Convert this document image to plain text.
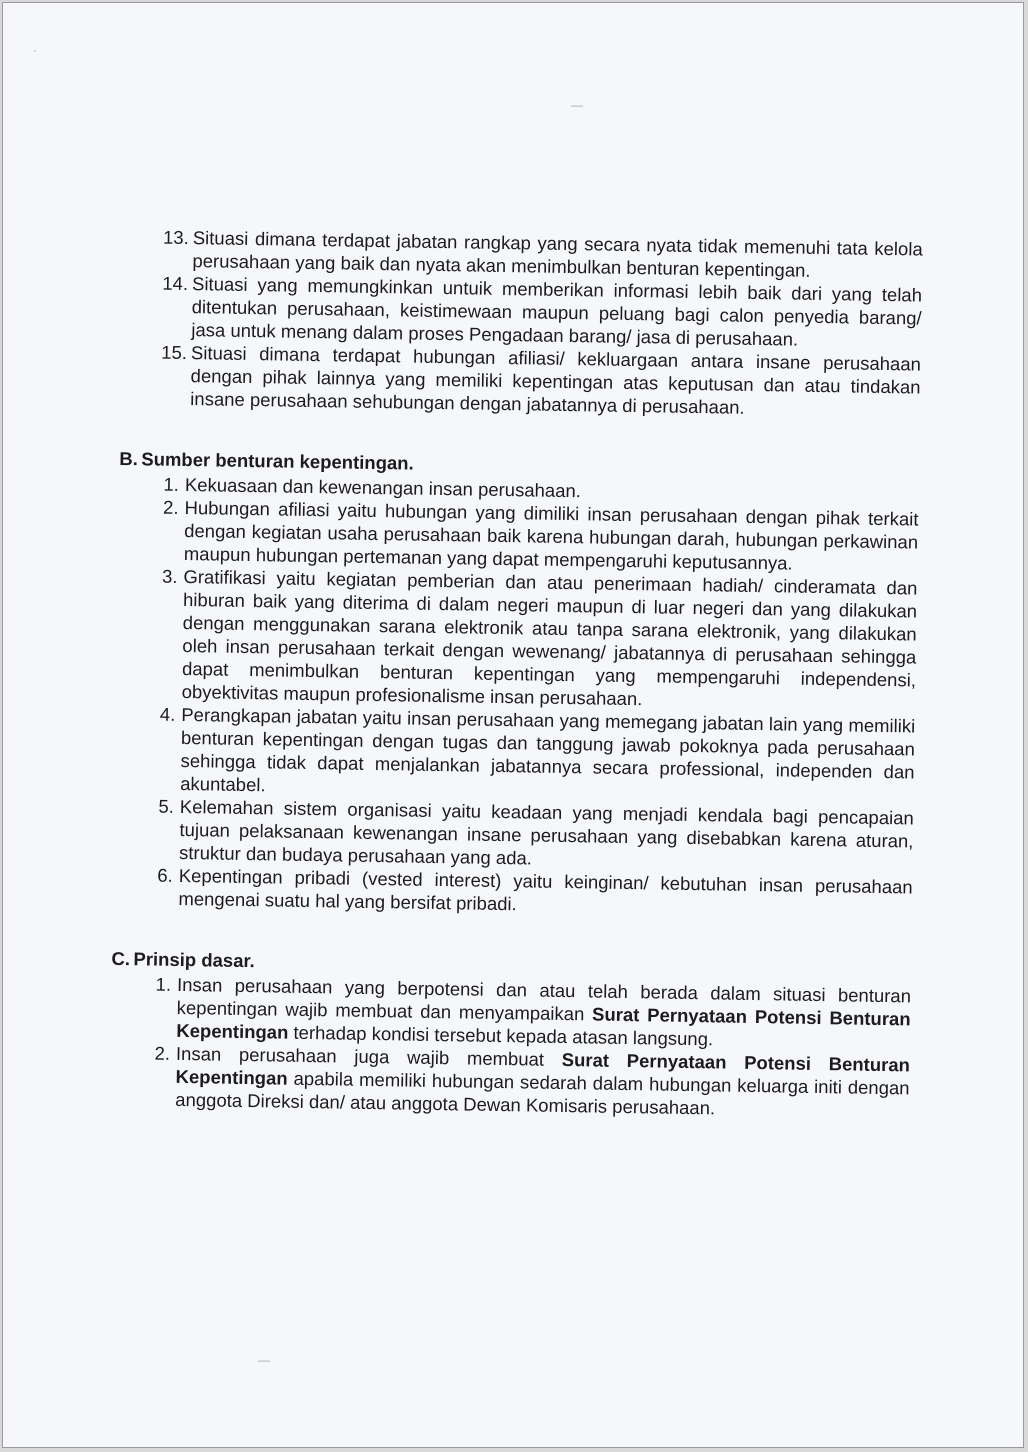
·
—
—
13. Situasi dimana terdapat jabatan rangkap yang secara nyata tidak memenuhi tata kelola perusahaan yang baik dan nyata akan menimbulkan benturan kepentingan.
14. Situasi yang memungkinkan untuik memberikan informasi lebih baik dari yang telah ditentukan perusahaan, keistimewaan maupun peluang bagi calon penyedia barang/ jasa untuk menang dalam proses Pengadaan barang/ jasa di perusahaan.
15. Situasi dimana terdapat hubungan afiliasi/ kekluargaan antara insane perusahaan dengan pihak lainnya yang memiliki kepentingan atas keputusan dan atau tindakan insane perusahaan sehubungan dengan jabatannya di perusahaan.
B. Sumber benturan kepentingan.
1. Kekuasaan dan kewenangan insan perusahaan.
2. Hubungan afiliasi yaitu hubungan yang dimiliki insan perusahaan dengan pihak terkait dengan kegiatan usaha perusahaan baik karena hubungan darah, hubungan perkawinan maupun hubungan pertemanan yang dapat mempengaruhi keputusannya.
3. Gratifikasi yaitu kegiatan pemberian dan atau penerimaan hadiah/ cinderamata dan hiburan baik yang diterima di dalam negeri maupun di luar negeri dan yang dilakukan dengan menggunakan sarana elektronik atau tanpa sarana elektronik, yang dilakukan oleh insan perusahaan terkait dengan wewenang/ jabatannya di perusahaan sehingga dapat menimbulkan benturan kepentingan yang mempengaruhi independensi, obyektivitas maupun profesionalisme insan perusahaan.
4. Perangkapan jabatan yaitu insan perusahaan yang memegang jabatan lain yang memiliki benturan kepentingan dengan tugas dan tanggung jawab pokoknya pada perusahaan sehingga tidak dapat menjalankan jabatannya secara professional, independen dan akuntabel.
5. Kelemahan sistem organisasi yaitu keadaan yang menjadi kendala bagi pencapaian tujuan pelaksanaan kewenangan insane perusahaan yang disebabkan karena aturan, struktur dan budaya perusahaan yang ada.
6. Kepentingan pribadi (vested interest) yaitu keinginan/ kebutuhan insan perusahaan mengenai suatu hal yang bersifat pribadi.
C. Prinsip dasar.
1. Insan perusahaan yang berpotensi dan atau telah berada dalam situasi benturan kepentingan wajib membuat dan menyampaikan Surat Pernyataan Potensi Benturan Kepentingan terhadap kondisi tersebut kepada atasan langsung.
2. Insan perusahaan juga wajib membuat Surat Pernyataan Potensi Benturan Kepentingan apabila memiliki hubungan sedarah dalam hubungan keluarga initi dengan anggota Direksi dan/ atau anggota Dewan Komisaris perusahaan.
